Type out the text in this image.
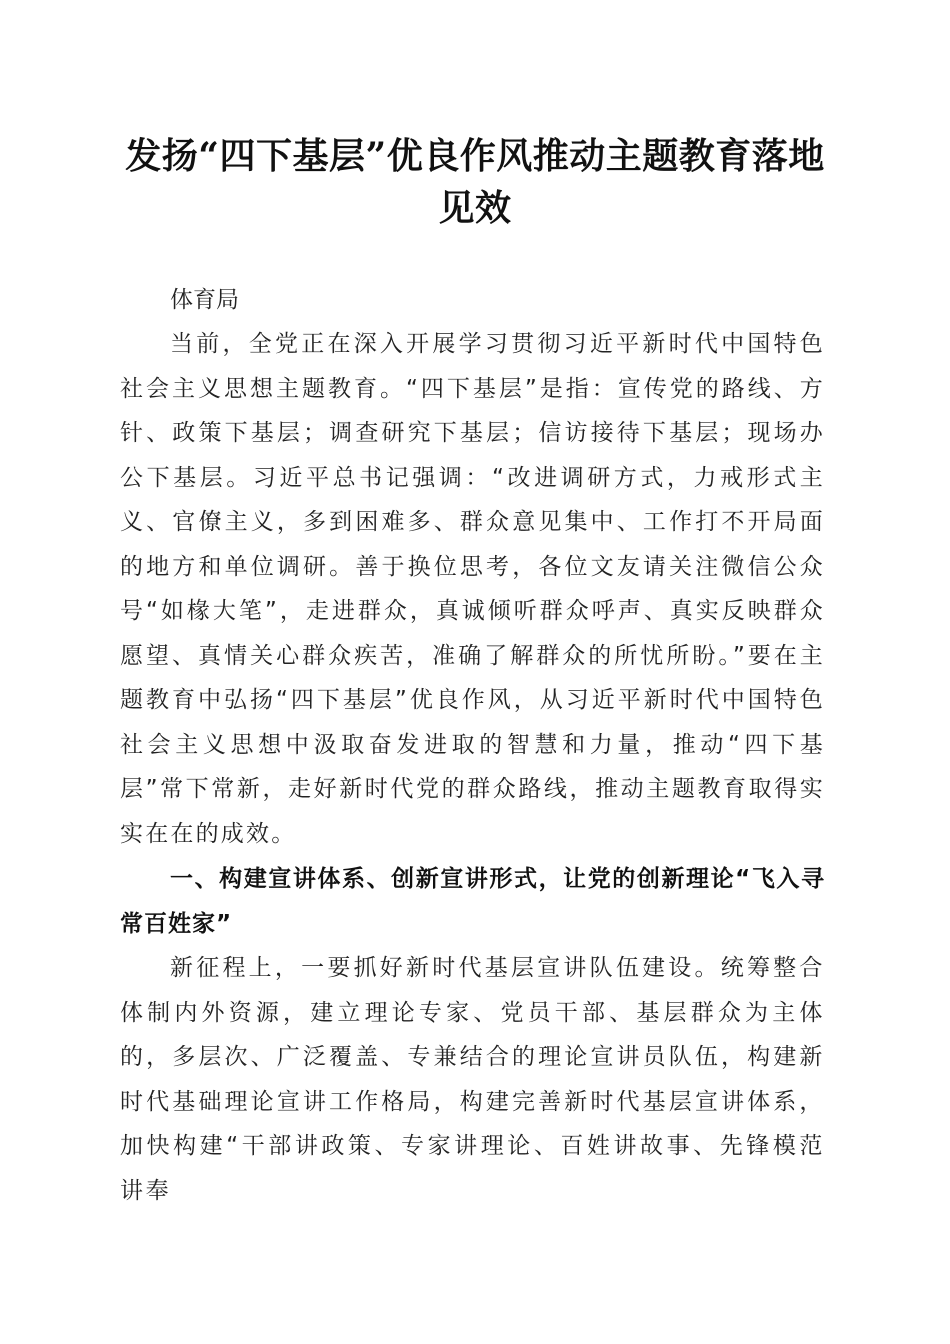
发扬“四下基层”优良作风推动主题教育落地见效
体育局

当前，全党正在深入开展学习贯彻习近平新时代中国特色社会主义思想主题教育。“四下基层”是指：宣传党的路线、方针、政策下基层；调查研究下基层；信访接待下基层；现场办公下基层。习近平总书记强调：“改进调研方式，力戒形式主义、官僚主义，多到困难多、群众意见集中、工作打不开局面的地方和单位调研。善于换位思考，各位文友请关注微信公众号“如椽大笔”，走进群众，真诚倾听群众呼声、真实反映群众愿望、真情关心群众疾苦，准确了解群众的所忧所盼。”要在主题教育中弘扬“四下基层”优良作风，从习近平新时代中国特色社会主义思想中汲取奋发进取的智慧和力量，推动“四下基层”常下常新，走好新时代党的群众路线，推动主题教育取得实实在在的成效。

一、构建宣讲体系、创新宣讲形式，让党的创新理论“飞入寻常百姓家”

新征程上，一要抓好新时代基层宣讲队伍建设。统筹整合体制内外资源，建立理论专家、党员干部、基层群众为主体的，多层次、广泛覆盖、专兼结合的理论宣讲员队伍，构建新时代基础理论宣讲工作格局，构建完善新时代基层宣讲体系，加快构建“干部讲政策、专家讲理论、百姓讲故事、先锋模范讲奉
